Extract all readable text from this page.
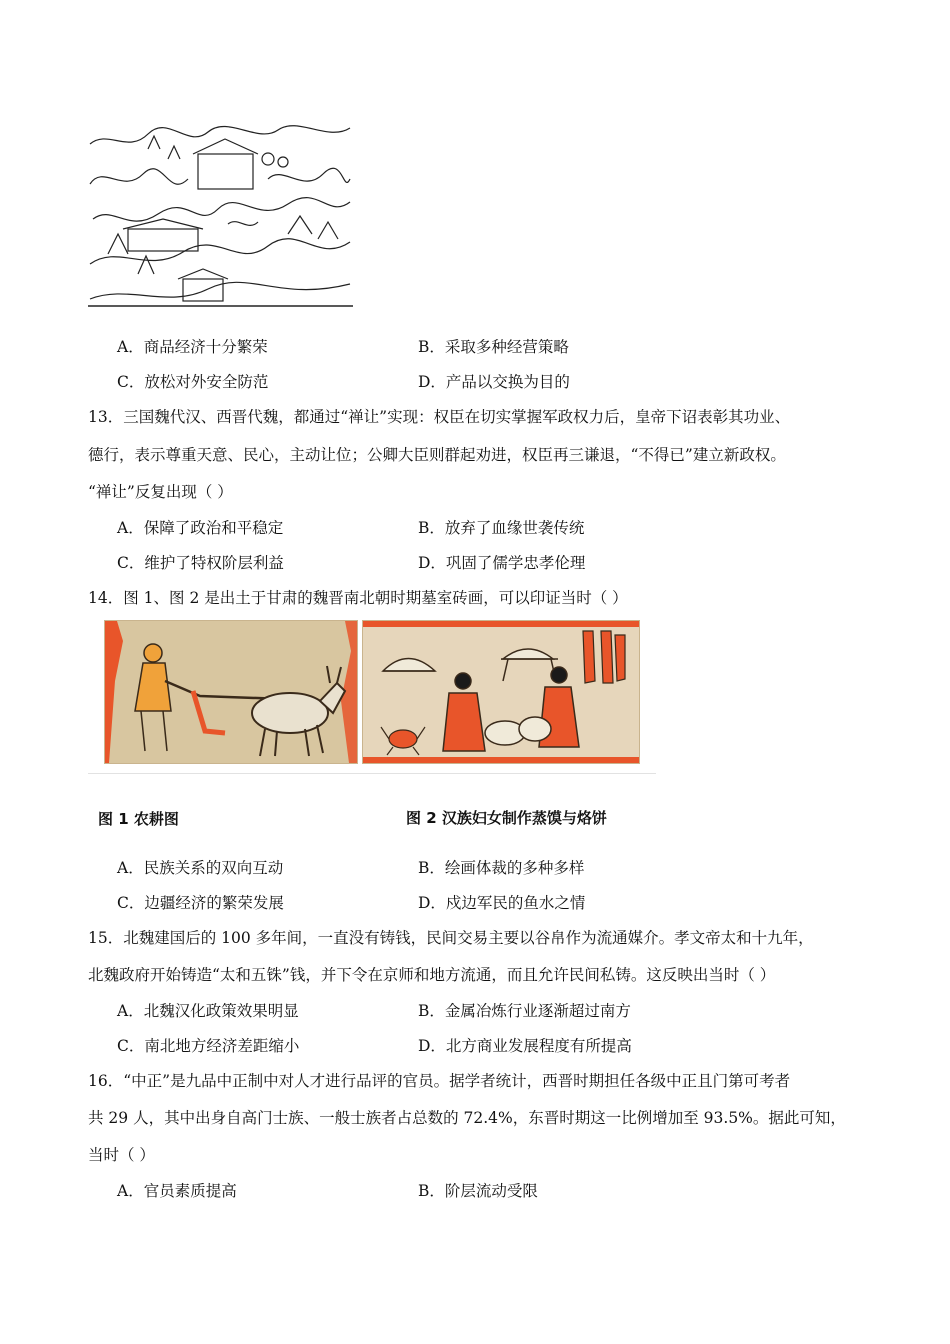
A．商品经济十分繁荣	B．采取多种经营策略
C．放松对外安全防范	D．产品以交换为目的
13．三国魏代汉、西晋代魏，都通过“禅让”实现：权臣在切实掌握军政权力后，皇帝下诏表彰其功业、
德行，表示尊重天意、民心，主动让位；公卿大臣则群起劝进，权臣再三谦退，“不得已”建立新政权。
“禅让”反复出现（ ）
A．保障了政治和平稳定	B．放弃了血缘世袭传统
C．维护了特权阶层利益	D．巩固了儒学忠孝伦理
14．图 1、图 2 是出土于甘肃的魏晋南北朝时期墓室砖画，可以印证当时（ ）
图 1 农耕图	图 2 汉族妇女制作蒸馍与烙饼
A．民族关系的双向互动	B．绘画体裁的多种多样
C．边疆经济的繁荣发展	D．戍边军民的鱼水之情
15．北魏建国后的 100 多年间，一直没有铸钱，民间交易主要以谷帛作为流通媒介。孝文帝太和十九年，
北魏政府开始铸造“太和五铢”钱，并下令在京师和地方流通，而且允许民间私铸。这反映出当时（ ）
A．北魏汉化政策效果明显	B．金属冶炼行业逐渐超过南方
C．南北地方经济差距缩小	D．北方商业发展程度有所提高
16．“中正”是九品中正制中对人才进行品评的官员。据学者统计，西晋时期担任各级中正且门第可考者
共 29 人，其中出身自高门士族、一般士族者占总数的 72.4%，东晋时期这一比例增加至 93.5%。据此可知，
当时（ ）
A．官员素质提高	B．阶层流动受限
